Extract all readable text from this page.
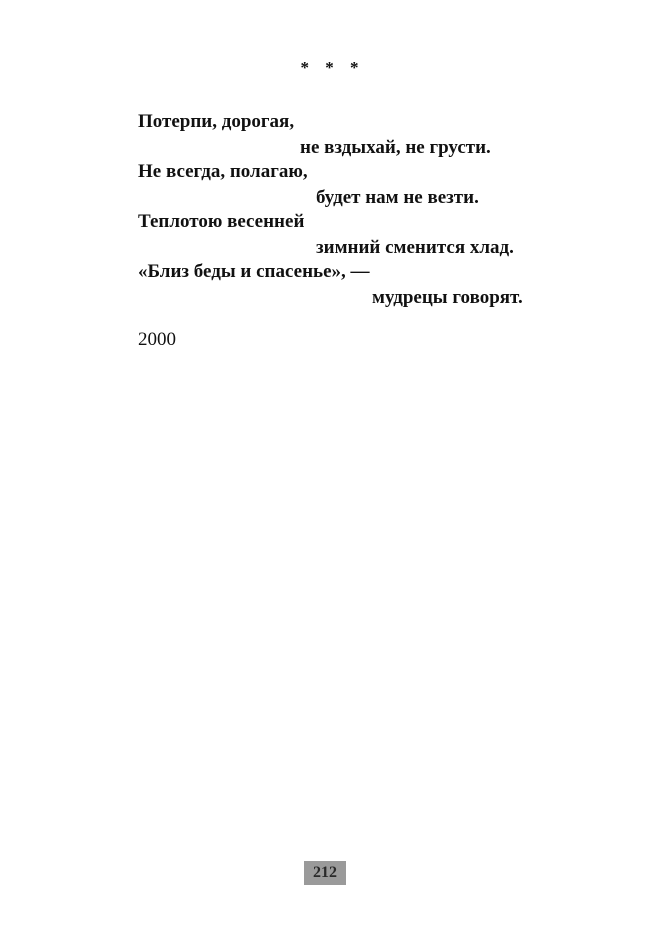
* * *
Потерпи, дорогая,
не вздыхай, не грусти.
Не всегда, полагаю,
будет нам не везти.
Теплотою весенней
зимний сменится хлад.
«Близ беды и спасенье», —
мудрецы говорят.
2000
212
